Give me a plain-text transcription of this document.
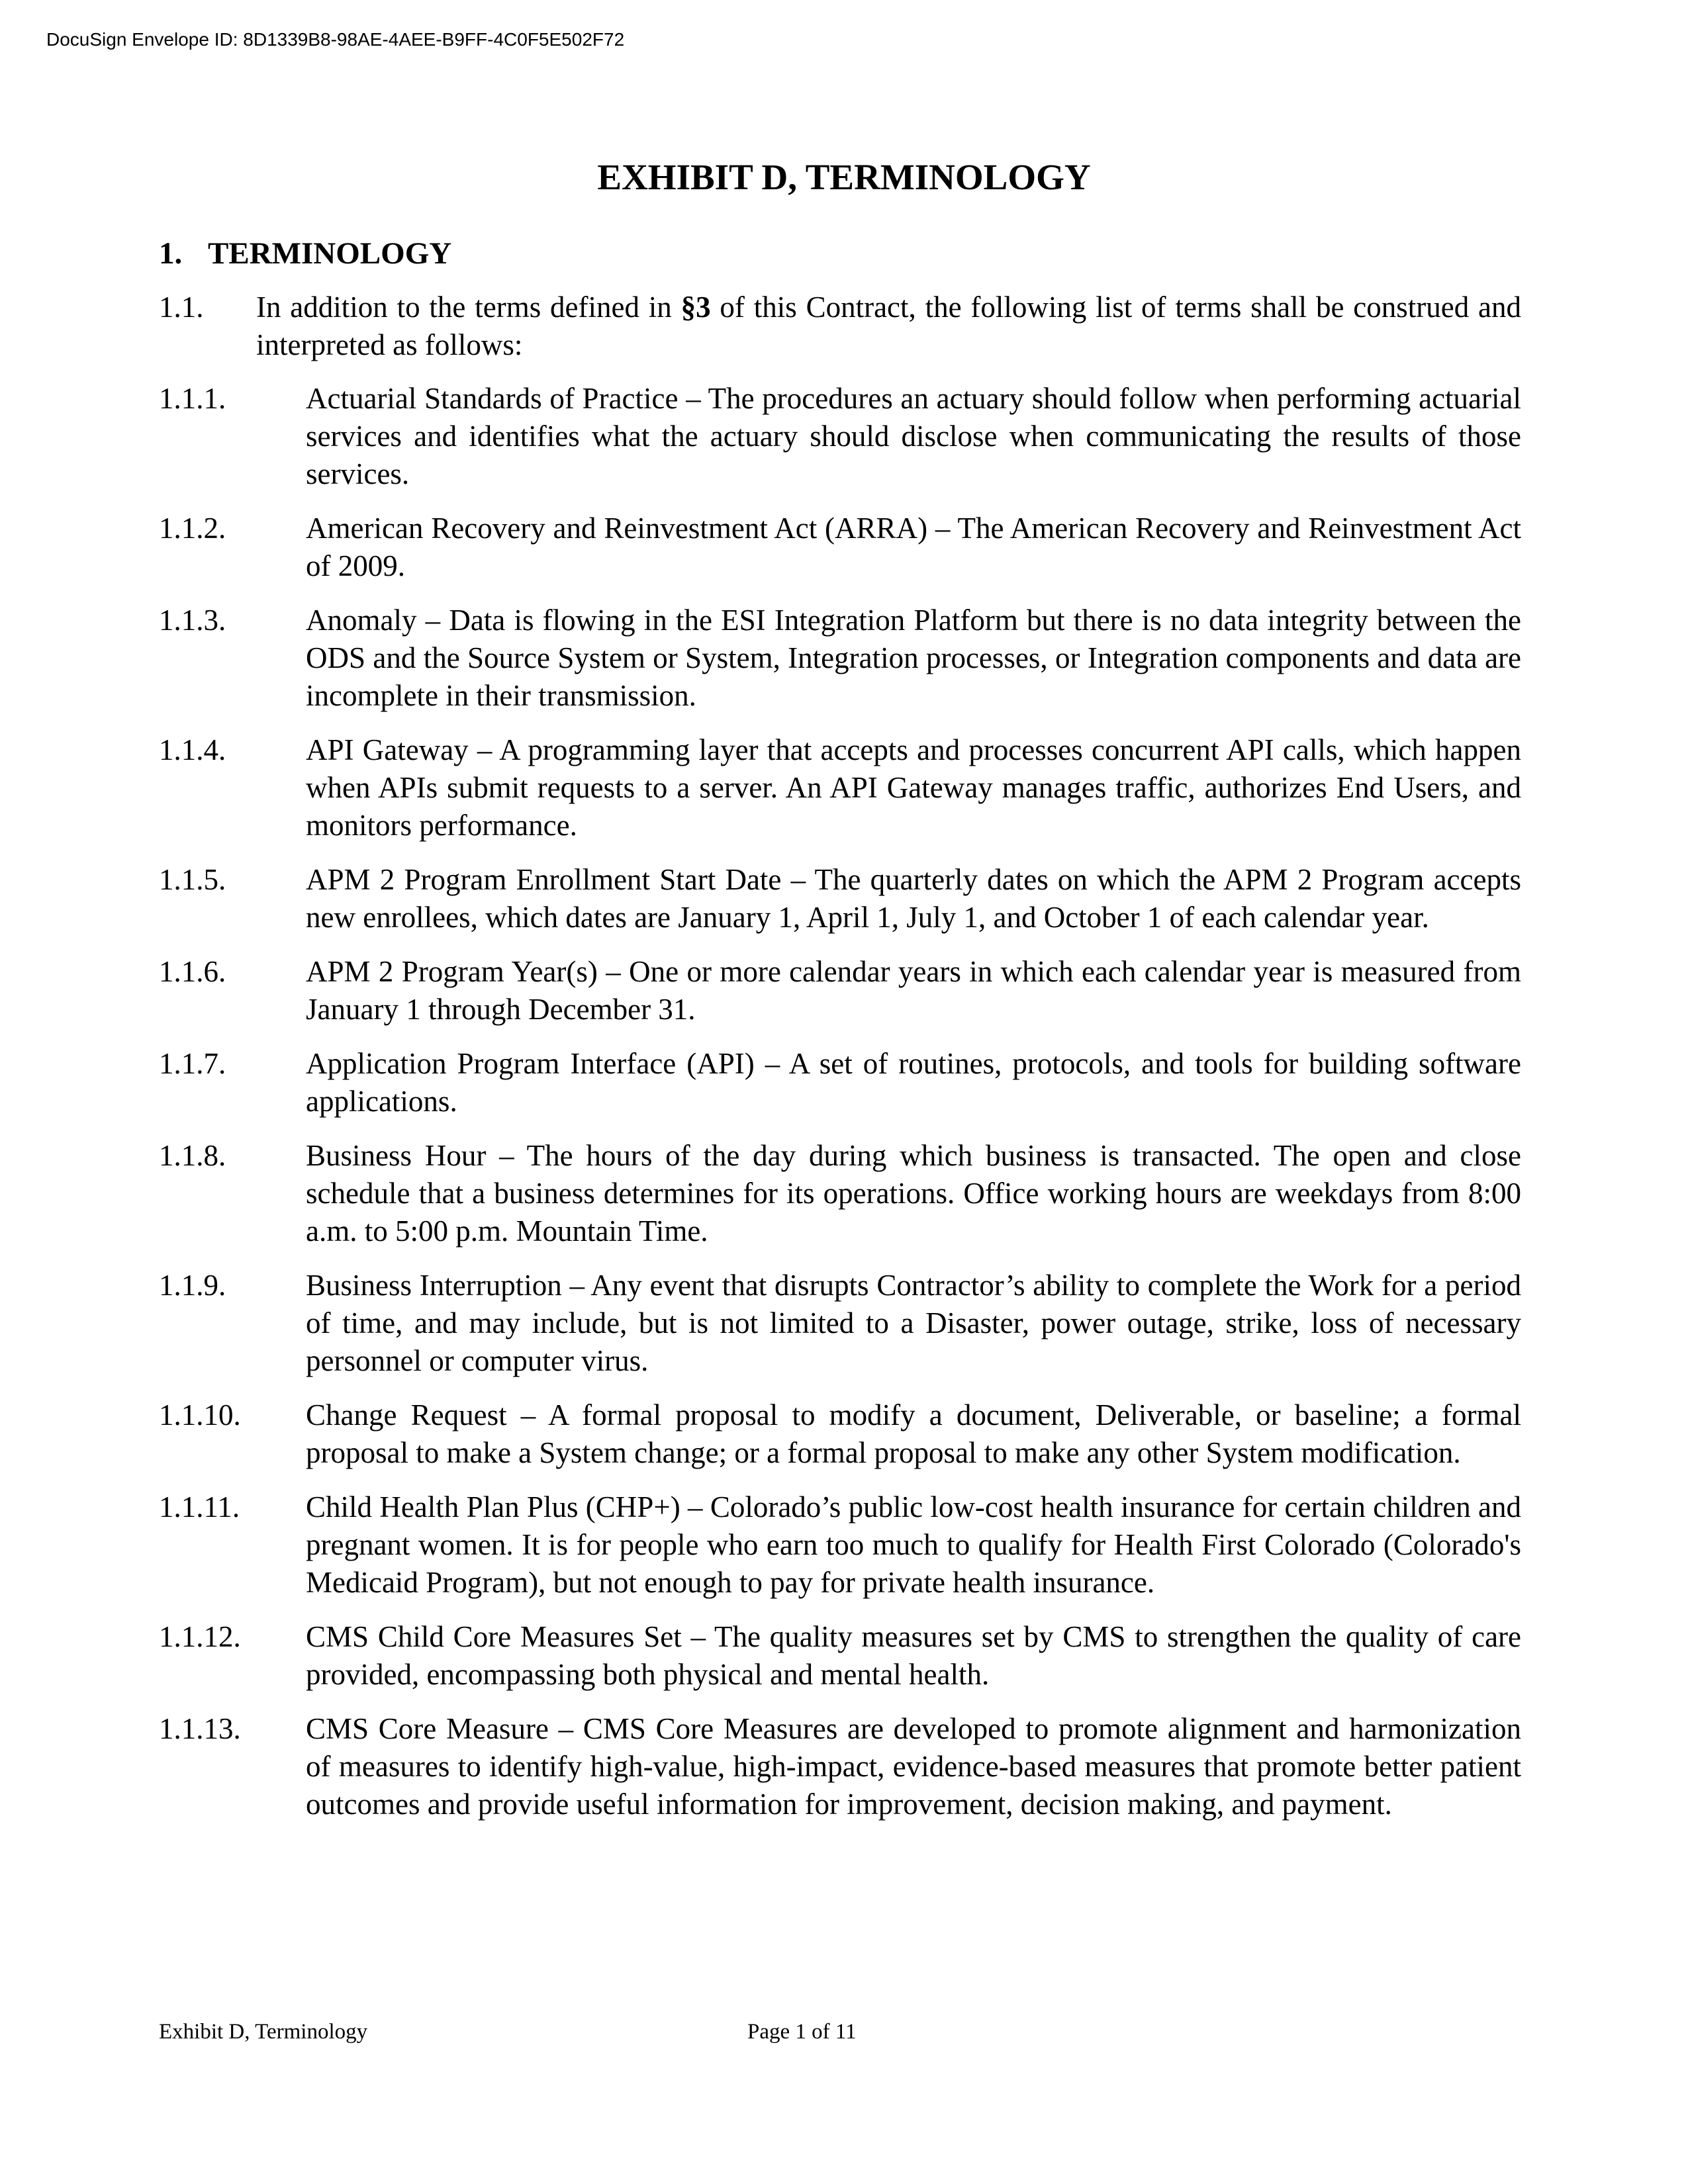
DocuSign Envelope ID: 8D1339B8-98AE-4AEE-B9FF-4C0F5E502F72
EXHIBIT D, TERMINOLOGY
1. TERMINOLOGY
1.1. In addition to the terms defined in §3 of this Contract, the following list of terms shall be construed and interpreted as follows:
1.1.1.	Actuarial Standards of Practice – The procedures an actuary should follow when performing actuarial services and identifies what the actuary should disclose when communicating the results of those services.
1.1.2.	American Recovery and Reinvestment Act (ARRA) – The American Recovery and Reinvestment Act of 2009.
1.1.3.	Anomaly – Data is flowing in the ESI Integration Platform but there is no data integrity between the ODS and the Source System or System, Integration processes, or Integration components and data are incomplete in their transmission.
1.1.4.	API Gateway – A programming layer that accepts and processes concurrent API calls, which happen when APIs submit requests to a server. An API Gateway manages traffic, authorizes End Users, and monitors performance.
1.1.5.	APM 2 Program Enrollment Start Date – The quarterly dates on which the APM 2 Program accepts new enrollees, which dates are January 1, April 1, July 1, and October 1 of each calendar year.
1.1.6.	APM 2 Program Year(s) – One or more calendar years in which each calendar year is measured from January 1 through December 31.
1.1.7.	Application Program Interface (API) – A set of routines, protocols, and tools for building software applications.
1.1.8.	Business Hour – The hours of the day during which business is transacted. The open and close schedule that a business determines for its operations. Office working hours are weekdays from 8:00 a.m. to 5:00 p.m. Mountain Time.
1.1.9.	Business Interruption – Any event that disrupts Contractor’s ability to complete the Work for a period of time, and may include, but is not limited to a Disaster, power outage, strike, loss of necessary personnel or computer virus.
1.1.10. Change Request – A formal proposal to modify a document, Deliverable, or baseline; a formal proposal to make a System change; or a formal proposal to make any other System modification.
1.1.11. Child Health Plan Plus (CHP+) – Colorado’s public low-cost health insurance for certain children and pregnant women. It is for people who earn too much to qualify for Health First Colorado (Colorado's Medicaid Program), but not enough to pay for private health insurance.
1.1.12. CMS Child Core Measures Set – The quality measures set by CMS to strengthen the quality of care provided, encompassing both physical and mental health.
1.1.13. CMS Core Measure – CMS Core Measures are developed to promote alignment and harmonization of measures to identify high-value, high-impact, evidence-based measures that promote better patient outcomes and provide useful information for improvement, decision making, and payment.
Exhibit D, Terminology	Page 1 of 11
